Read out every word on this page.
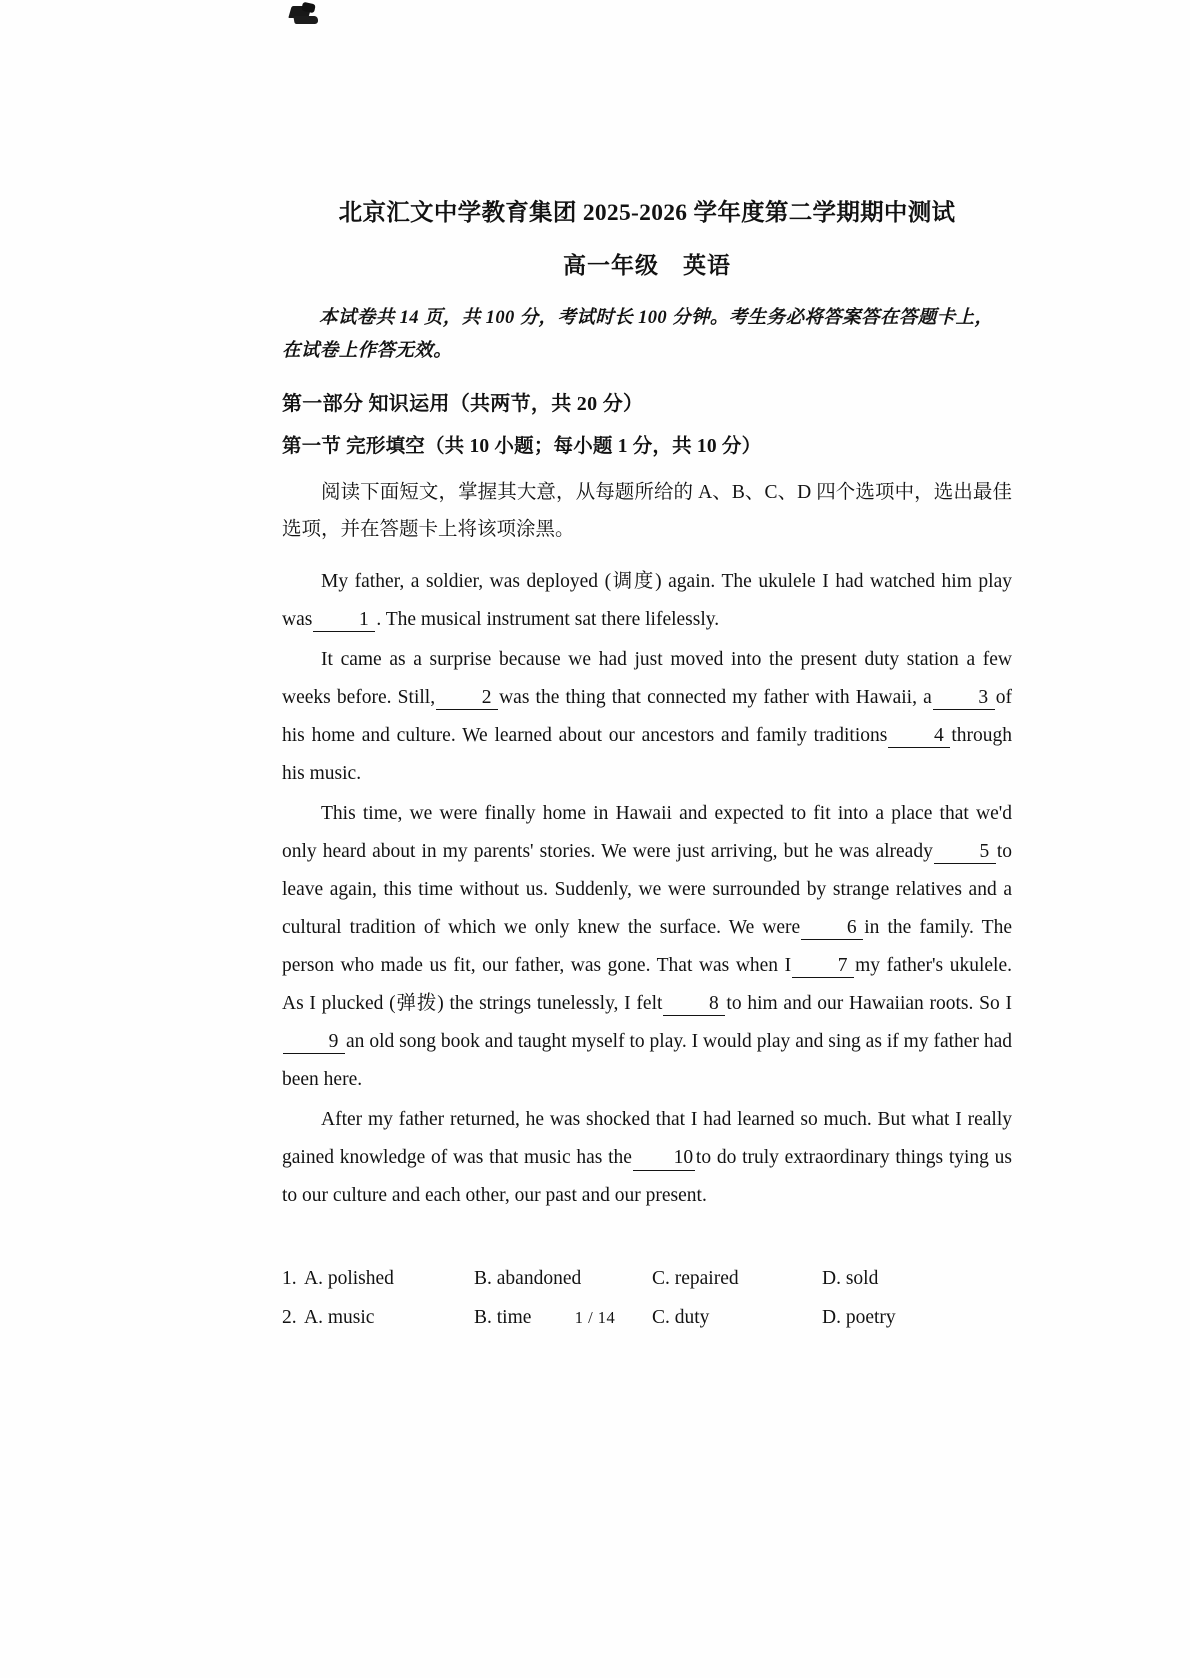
北京汇文中学教育集团 2025-2026 学年度第二学期期中测试
高一年级　英语

本试卷共 14 页，共 100 分，考试时长 100 分钟。考生务必将答案答在答题卡上，在试卷上作答无效。

第一部分 知识运用（共两节，共 20 分）
第一节 完形填空（共 10 小题；每小题 1 分，共 10 分）

阅读下面短文，掌握其大意，从每题所给的 A、B、C、D 四个选项中，选出最佳选项，并在答题卡上将该项涂黑。

My father, a soldier, was deployed (调度) again. The ukulele I had watched him play was 1 . The musical instrument sat there lifelessly.

It came as a surprise because we had just moved into the present duty station a few weeks before. Still, 2 was the thing that connected my father with Hawaii, a 3 of his home and culture. We learned about our ancestors and family traditions 4 through his music.

This time, we were finally home in Hawaii and expected to fit into a place that we'd only heard about in my parents' stories. We were just arriving, but he was already 5 to leave again, this time without us. Suddenly, we were surrounded by strange relatives and a cultural tradition of which we only knew the surface. We were 6 in the family. The person who made us fit, our father, was gone. That was when I 7 my father's ukulele. As I plucked (弹拨) the strings tunelessly, I felt 8 to him and our Hawaiian roots. So I9 an old song book and taught myself to play. I would play and sing as if my father had been here.

After my father returned, he was shocked that I had learned so much. But what I really gained knowledge of was that music has the 10 to do truly extraordinary things tying us to our culture and each other, our past and our present.

1. A. polished	B. abandoned	C. repaired	D. sold
2. A. music	B. time	C. duty	D. poetry
1 / 14
